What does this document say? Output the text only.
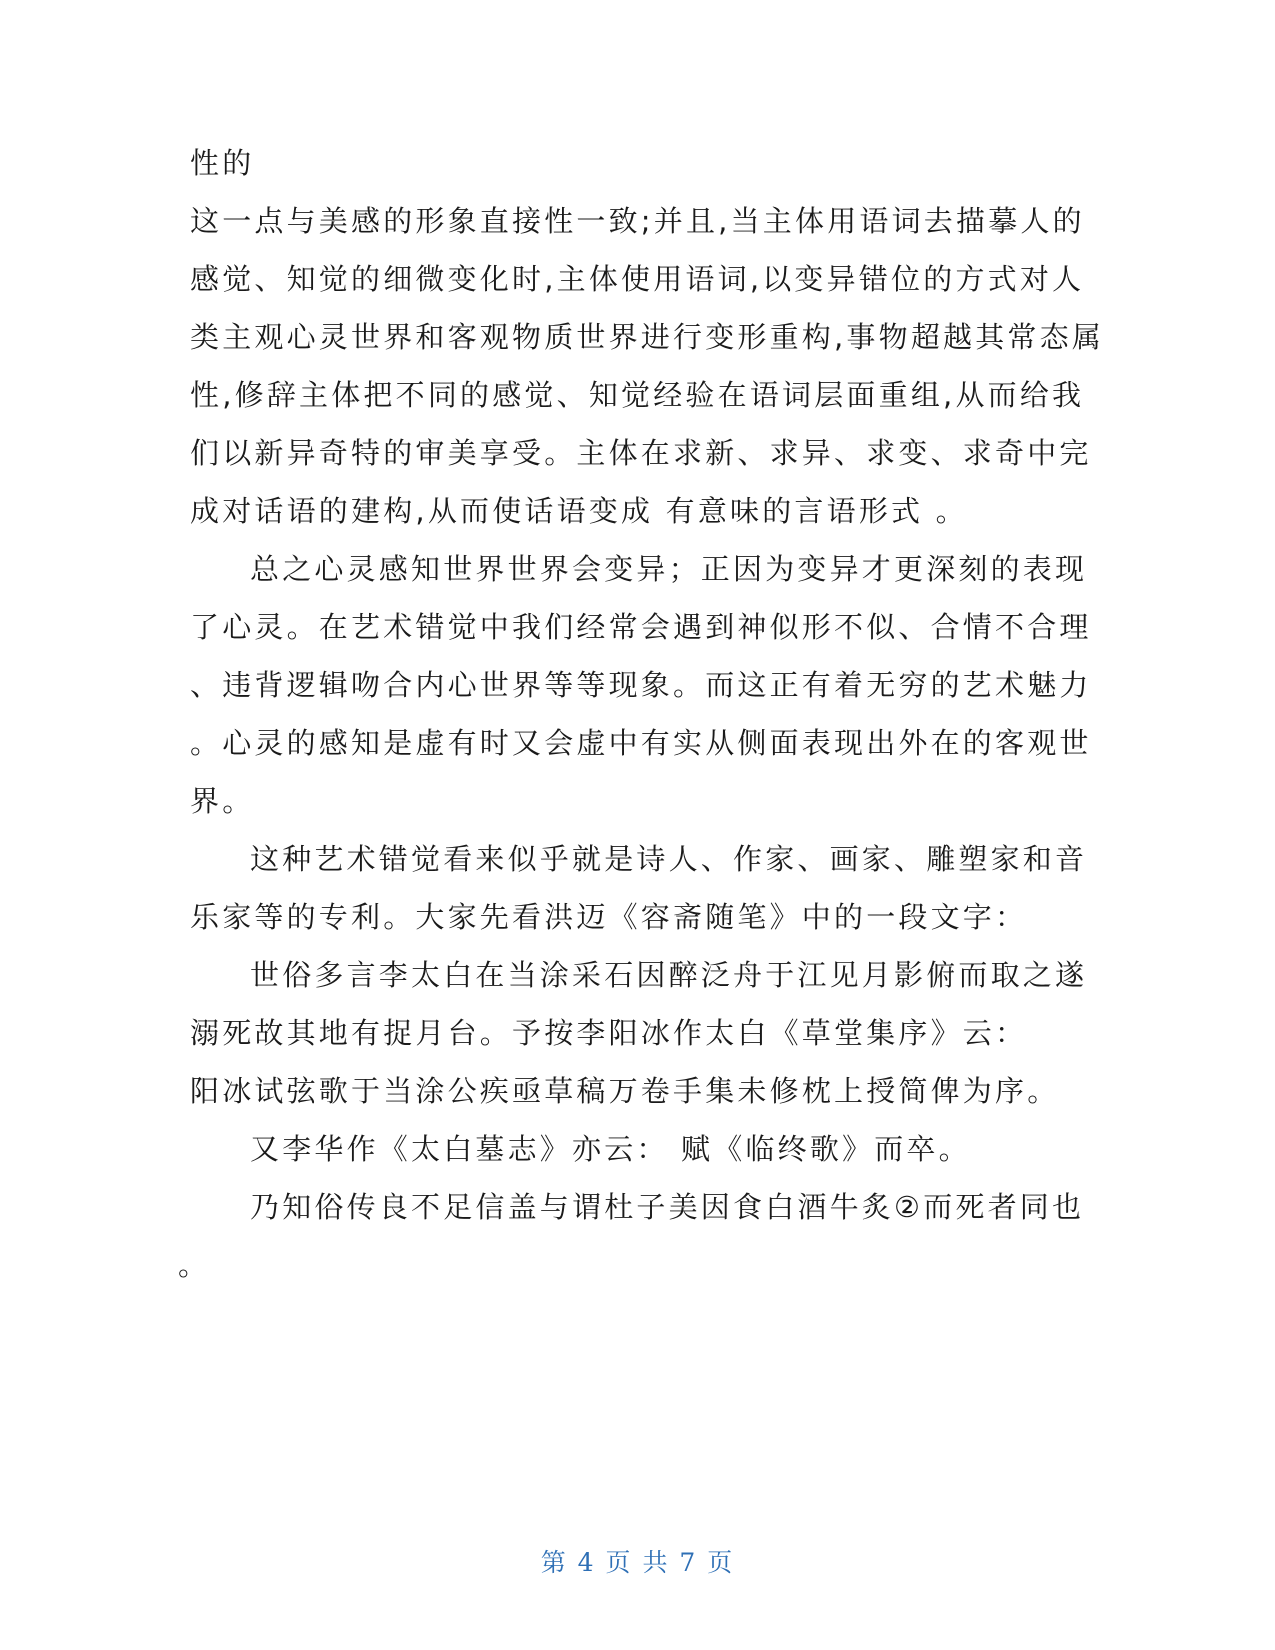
性的
这一点与美感的形象直接性一致;并且,当主体用语词去描摹人的
感觉、知觉的细微变化时,主体使用语词,以变异错位的方式对人
类主观心灵世界和客观物质世界进行变形重构,事物超越其常态属
性,修辞主体把不同的感觉、知觉经验在语词层面重组,从而给我
们以新异奇特的审美享受。主体在求新、求异、求变、求奇中完
成对话语的建构,从而使话语变成 有意味的言语形式 。
总之心灵感知世界世界会变异；正因为变异才更深刻的表现
了心灵。在艺术错觉中我们经常会遇到神似形不似、合情不合理
、违背逻辑吻合内心世界等等现象。而这正有着无穷的艺术魅力
。心灵的感知是虚有时又会虚中有实从侧面表现出外在的客观世
界。
这种艺术错觉看来似乎就是诗人、作家、画家、雕塑家和音
乐家等的专利。大家先看洪迈《容斋随笔》中的一段文字：
世俗多言李太白在当涂采石因醉泛舟于江见月影俯而取之遂
溺死故其地有捉月台。予按李阳冰作太白《草堂集序》云：
阳冰试弦歌于当涂公疾亟草稿万卷手集未修枕上授简俾为序。
又李华作《太白墓志》亦云： 赋《临终歌》而卒。
乃知俗传良不足信盖与谓杜子美因食白酒牛炙②而死者同也
。
第 4 页 共 7 页
